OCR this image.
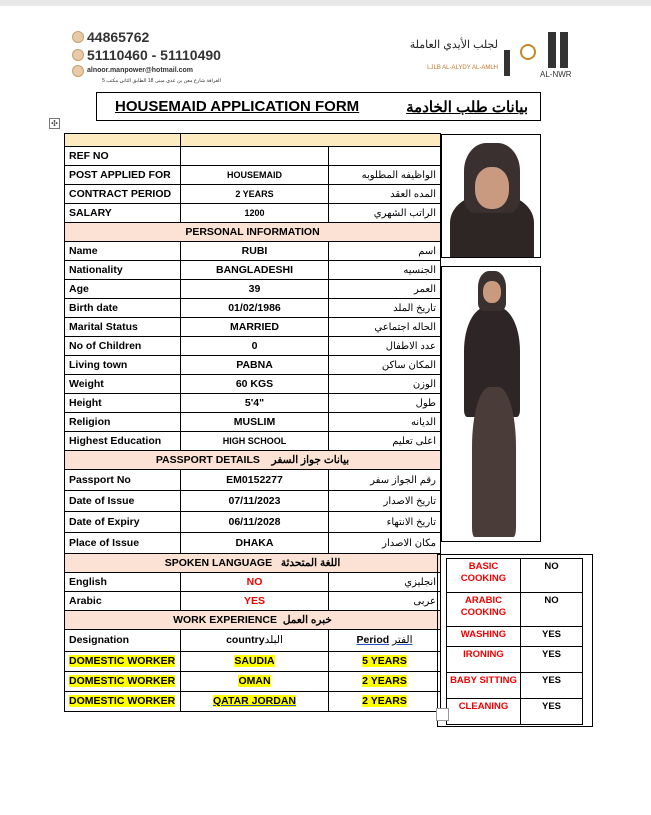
44865762
51110460 - 51110490
alnoor.manpower@hotmail.com
الغرافة شارع معن بن عدي مبنى 18 الطابق الثاني مكتب 5
لجلب الأيدي العاملة
LJLB AL-ALYDY AL-AMLH
AL-NWR
HOUSEMAID APPLICATION FORM	بيانات طلب الخادمة
✣

REF NO		
POST APPLIED FOR	HOUSEMAID	الواظيفه المطلوبه
CONTRACT PERIOD	2 YEARS	المده العقد
SALARY	1200	الراتب الشهري
PERSONAL INFORMATION		
Name	RUBI	اسم
Nationality	BANGLADESHI	الجنسيه
Age	39	العمر
Birth date	01/02/1986	تاريخ الملد
Marital Status	MARRIED	الحاله اجتماعي
No of Children	0	عدد الاطفال
Living town	PABNA	المكان ساكن
Weight	60 KGS	الوزن
Height	5'4"	طول
Religion	MUSLIM	الديانه
Highest Education	HIGH SCHOOL	اعلى تعليم
PASSPORT DETAILS بيانات جواز السفر		
Passport No	EM0152277	رقم الجواز سفر
Date of Issue	07/11/2023	تاريخ الاصدار
Date of Expiry	06/11/2028	تاريخ الانتهاء
Place of Issue	DHAKA	مكان الاصدار
SPOKEN LANGUAGE اللغة المتحدثة		
English	NO	انجليزي
Arabic	YES	عربى
WORK EXPERIENCE خبره العمل		
Designation	countryالبلد	Period الفتر
DOMESTIC WORKER	SAUDIA	5 YEARS
DOMESTIC WORKER	OMAN	2 YEARS
DOMESTIC WORKER	QATAR JORDAN	2 YEARS
BASIC COOKING	NO
ARABIC COOKING	NO
WASHING	YES
IRONING	YES
BABY SITTING	YES
CLEANING	YES
